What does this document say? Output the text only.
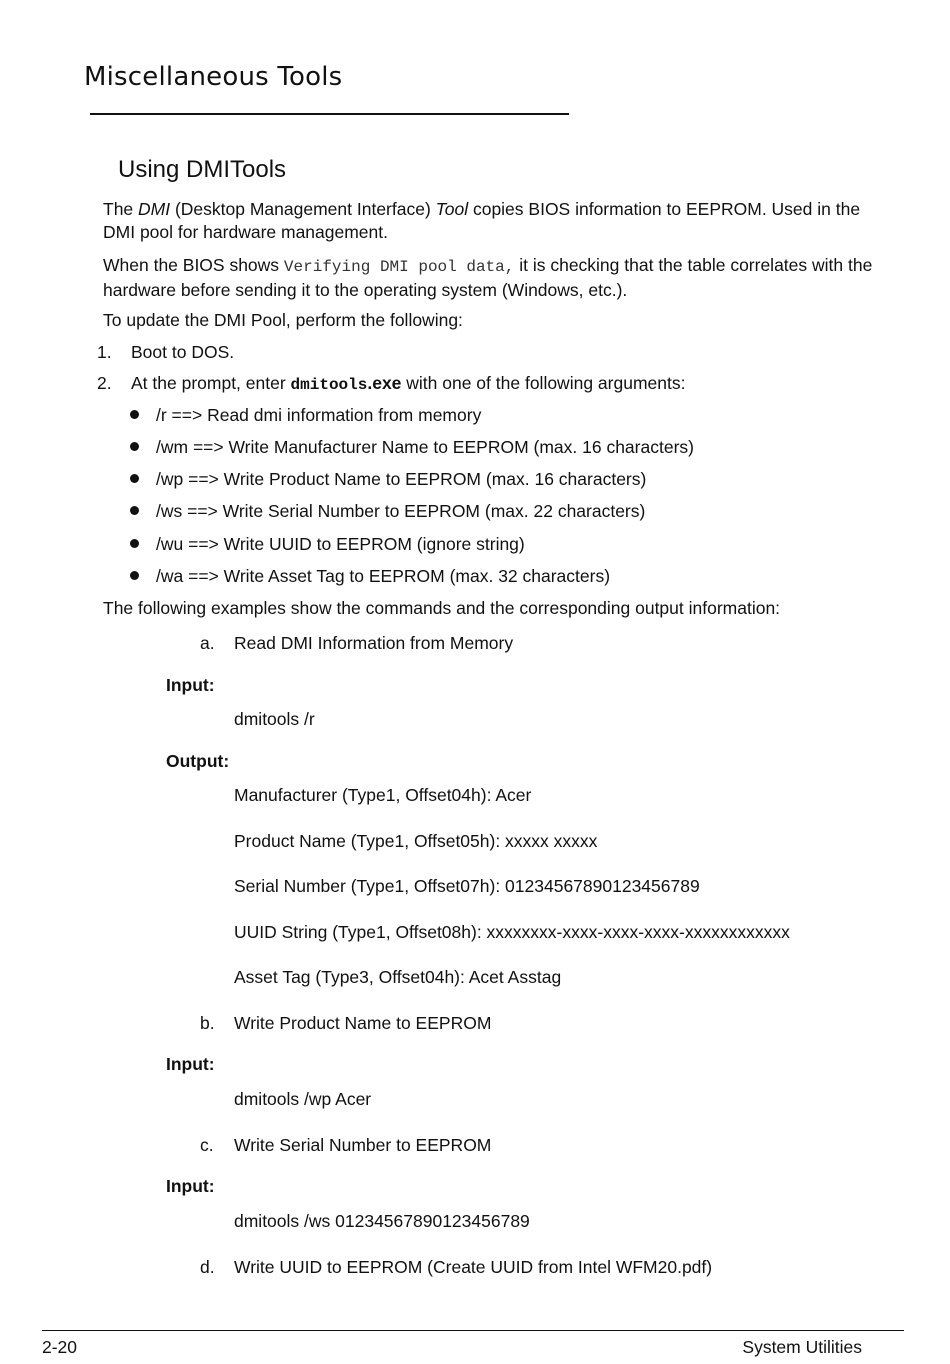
Miscellaneous Tools
Using DMITools

The DMI (Desktop Management Interface) Tool copies BIOS information to EEPROM. Used in the DMI pool for hardware management.

When the BIOS shows Verifying DMI pool data, it is checking that the table correlates with the hardware before sending it to the operating system (Windows, etc.).

To update the DMI Pool, perform the following:

1. Boot to DOS.
2. At the prompt, enter dmitools.exe with one of the following arguments:
/r ==> Read dmi information from memory
/wm ==> Write Manufacturer Name to EEPROM (max. 16 characters)
/wp ==> Write Product Name to EEPROM (max. 16 characters)
/ws ==> Write Serial Number to EEPROM (max. 22 characters)
/wu ==> Write UUID to EEPROM (ignore string)
/wa ==> Write Asset Tag to EEPROM (max. 32 characters)

The following examples show the commands and the corresponding output information:

a. Read DMI Information from Memory
Input:
dmitools /r
Output:
Manufacturer (Type1, Offset04h): Acer
Product Name (Type1, Offset05h): xxxxx xxxxx
Serial Number (Type1, Offset07h): 01234567890123456789
UUID String (Type1, Offset08h): xxxxxxxx-xxxx-xxxx-xxxx-xxxxxxxxxxxx
Asset Tag (Type3, Offset04h): Acet Asstag
b. Write Product Name to EEPROM
Input:
dmitools /wp Acer
c. Write Serial Number to EEPROM
Input:
dmitools /ws 01234567890123456789
d. Write UUID to EEPROM (Create UUID from Intel WFM20.pdf)
2-20	System Utilities
